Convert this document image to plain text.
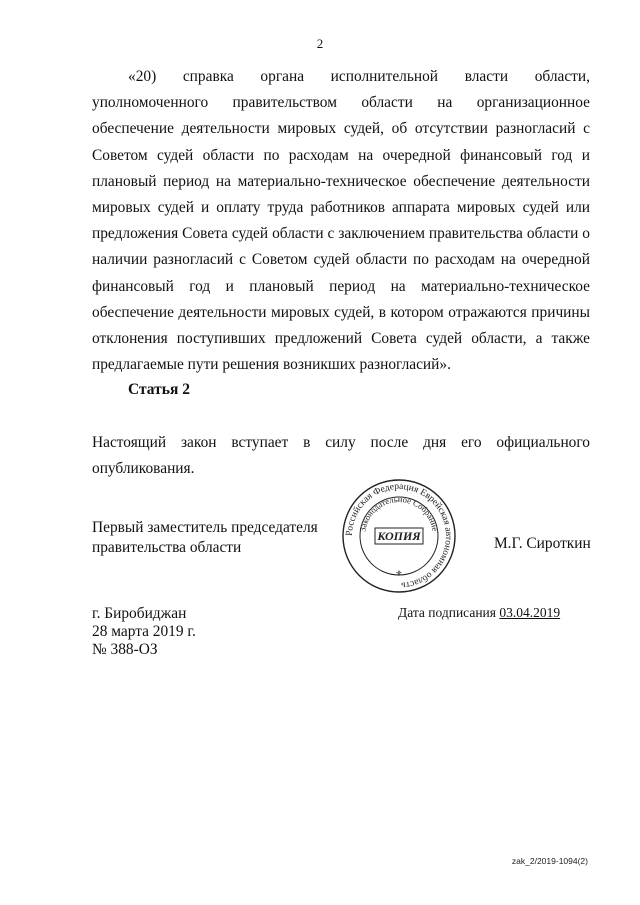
2
«20) справка органа исполнительной власти области, уполномоченного правительством области на организационное обеспечение деятельности мировых судей, об отсутствии разногласий с Советом судей области по расходам на очередной финансовый год и плановый период на материально-техническое обеспечение деятельности мировых судей и оплату труда работников аппарата мировых судей или предложения Совета судей области с заключением правительства области о наличии разногласий с Советом судей области по расходам на очередной финансовый год и плановый период на материально-техническое обеспечение деятельности мировых судей, в котором отражаются причины отклонения поступивших предложений Совета судей области, а также предлагаемые пути решения возникших разногласий».
Статья 2
Настоящий закон вступает в силу после дня его официального опубликования.
Первый заместитель председателя
правительства области
Российская Федерация Еврейская автономная область
Законодательное Собрание
КОПИЯ
⚜
М.Г. Сироткин
г. Биробиджан
28 марта 2019 г.
№ 388-ОЗ
Дата подписания 03.04.2019
zak_2/2019-1094(2)
